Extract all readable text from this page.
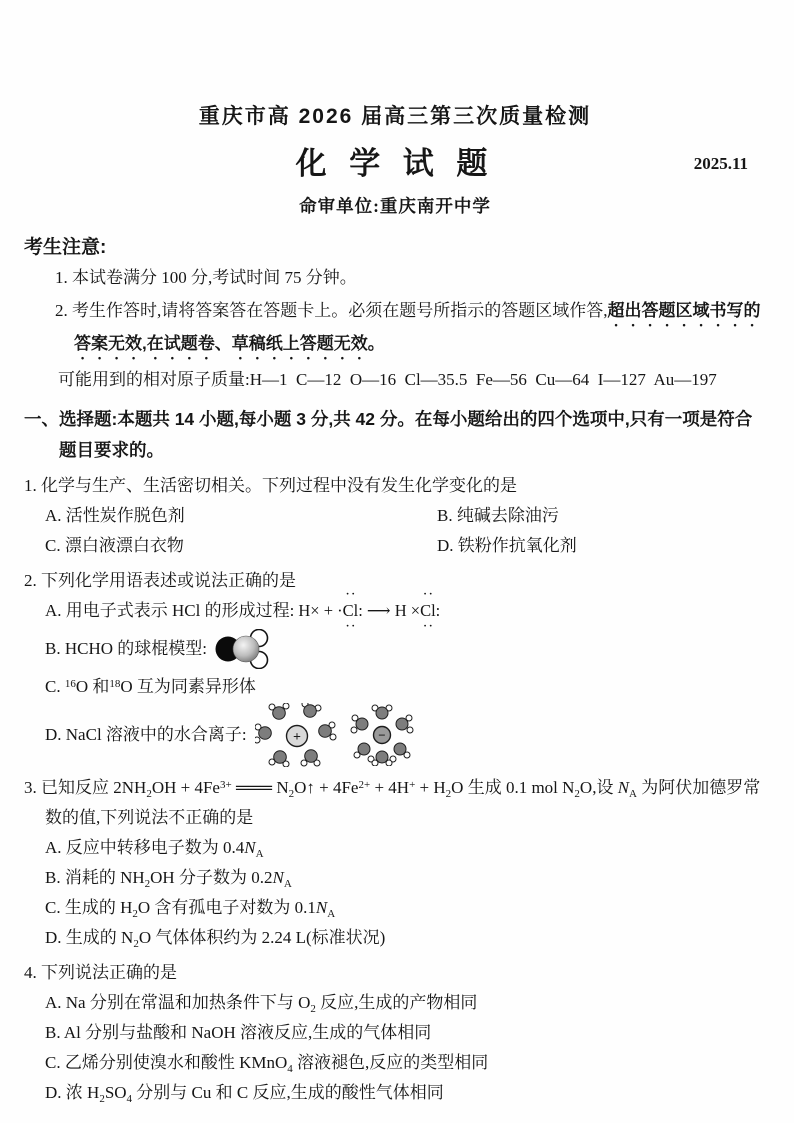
重庆市高 2026 届高三第三次质量检测
化 学 试 题	2025.11
命审单位:重庆南开中学
考生注意:

1. 本试卷满分 100 分,考试时间 75 分钟。

2. 考生作答时,请将答案答在答题卡上。必须在题号所指示的答题区域作答,超出答题区域书写的答案无效,在试题卷、草稿纸上答题无效。

可能用到的相对原子质量:H—1  C—12  O—16  Cl—35.5  Fe—56  Cu—64  I—127  Au—197

一、选择题:本题共 14 小题,每小题 3 分,共 42 分。在每小题给出的四个选项中,只有一项是符合题目要求的。

1. 化学与生产、生活密切相关。下列过程中没有发生化学变化的是

A. 活性炭作脱色剂	B. 纯碱去除油污
C. 漂白液漂白衣物	D. 铁粉作抗氧化剂

2. 下列化学用语表述或说法正确的是

A. 用电子式表示 HCl 的形成过程: H× + ··· Cl ··: ⟶ H ×·· Cl ··:

B. HCHO 的球棍模型:

C. $^{16}$O 和$^{18}$O 互为同素异形体

D. NaCl 溶液中的水合离子:	+	−

3. 已知反应 $2NH_2OH + 4Fe^{3+}$ ═══ $N_2O↑ + 4Fe^{2+} + 4H^+ + H_2O$ 生成 0.1 mol $N_2O$,设 $N_A$ 为阿伏加德罗常数的值,下列说法不正确的是

A. 反应中转移电子数为 $0.4N_A$

B. 消耗的 $NH_2OH$ 分子数为 $0.2N_A$

C. 生成的 $H_2O$ 含有孤电子对数为 $0.1N_A$

D. 生成的 $N_2O$ 气体体积约为 2.24 L(标准状况)

4. 下列说法正确的是

A. Na 分别在常温和加热条件下与 $O_2$ 反应,生成的产物相同

B. Al 分别与盐酸和 NaOH 溶液反应,生成的气体相同

C. 乙烯分别使溴水和酸性 KMnO$_4$ 溶液褪色,反应的类型相同

D. 浓 $H_2SO_4$ 分别与 Cu 和 C 反应,生成的酸性气体相同
